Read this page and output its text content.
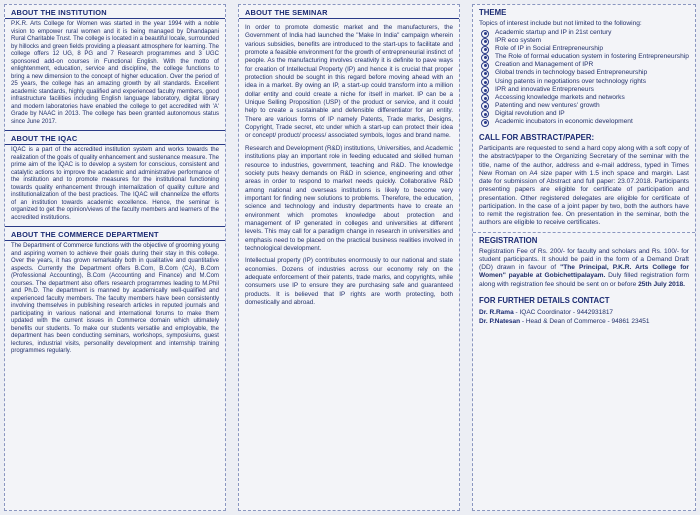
ABOUT THE INSTITUTION

P.K.R. Arts College for Women was started in the year 1994 with a noble vision to empower rural women and it is being managed by Dhandapani Rural Charitable Trust. The college is located in a beautiful locale, surrounded by hillocks and green fields providing a pleasant atmosphere for learning. The college offers 12 UG, 8 PG and 7 Research programmes and 3 UGC sponsored add-on courses in Functional English. With the motto of enlightenment, education, service and discipline, the college functions to bring a new dimension to the concept of higher education. Over the period of 25 years, the college has an amazing growth by all standards. Excellent academic standards, highly qualified and experienced faculty members, good infrastructure facilities including English language laboratory, digital library and modern laboratories have enabled the college to get accredited with 'A' Grade by NAAC in 2013. The college has been granted autonomous status since June 2017.

ABOUT THE IQAC

IQAC is a part of the accredited institution system and works towards the realization of the goals of quality enhancement and sustenance measure. The prime aim of the IQAC is to develop a system for conscious, consistent and catalytic actions to improve the academic and administrative performance of the institution and to promote measures for the institutional functioning towards quality enhancement through internalization of quality culture and institutionalization of the best practices. The IQAC will channelize the efforts of an institution towards academic excellence. Hence, the seminar is organized to get the opinion/views of the faculty members and learners of the accredited institutions.

ABOUT THE COMMERCE DEPARTMENT

The Department of Commerce functions with the objective of grooming young and aspiring women to achieve their goals during their stay in this college. Over the years, it has grown remarkably both in qualitative and quantitative aspects. Currently the Department offers B.Com, B.Com (CA), B.Com (Professional Accounting), B.Com (Accounting and Finance) and M.Com courses. The department also offers research programmes leading to M.Phil and Ph.D. The department is manned by academically well-qualified and experienced faculty members. The faculty members have been consistently involving themselves in publishing research articles in reputed journals and participating in various national and international forums to make them updated with the current issues in Commerce domain which ultimately benefits our students. To make our students versatile and employable, the department has been conducting seminars, workshops, symposiums, guest lectures, industrial visits, personality development and internship training programmes regularly.

ABOUT THE SEMINAR

In order to promote domestic market and the manufacturers, the Government of India had launched the "Make In India" campaign wherein various subsidies, benefits are introduced to the start-ups to facilitate and promote a feasible environment for the growth of entrepreneurial instinct of people. As the manufacturing involves creativity it is definite to pave ways for creation of Intellectual Property (IP) and hence it is crucial that proper protection should be sought in this regard before moving ahead with an idea in a market. By owing an IP, a start-up could transform into a million dollar entity and could create a niche for itself in market. IP can be a Unique Selling Proposition (USP) of the product or service, and it could help to create a sustainable and defensible differentiator for an entity. There are various forms of IP namely Patents, Trade marks, Designs, Copyright, Trade secret, etc under which a start-up can protect their idea or concept/ product/ process/ associated symbols, logos and brand name.

Research and Development (R&D) institutions, Universities, and Academic institutions play an important role in feeding educated and skilled human resource to industries, government, teaching and R&D. The knowledge society puts heavy demands on R&D in science, engineering and other areas in order to respond to market needs quickly. Collaborative R&D among national and overseas institutions is likely to become very important for finding new solutions to problems. Therefore, the education, science and technology and industry departments have to create an environment which promotes knowledge about protection and management of IP generated in colleges and universities at different levels. This may call for a paradigm change in research in universities and emphasis need to be placed on the practical business realities involved in technological development.

Intellectual property (IP) contributes enormously to our national and state economies. Dozens of industries across our economy rely on the adequate enforcement of their patents, trade marks, and copyrights, while consumers use IP to ensure they are purchasing safe and guaranteed products. It is believed that IP rights are worth protecting, both domestically and abroad.

THEME

Topics of interest include but not limited to the following:

Academic startup and IP in 21st century
IPR eco system
Role of IP in Social Entrepreneurship
The Role of formal education system in fostering Entrepreneurship
Creation and Management of IPR
Global trends in technology based Entrepreneurship
Using patents in negotiations over technology rights
IPR and innovative Entrepreneurs
Accessing knowledge markets and networks
Patenting and new ventures' growth
Digital revolution and IP
Academic incubators in economic development
CALL FOR ABSTRACT/PAPER:

Participants are requested to send a hard copy along with a soft copy of the abstract/paper to the Organizing Secretary of the seminar with the title, name of the author, address and e-mail address, typed in Times New Roman on A4 size paper with 1.5 inch space and margin. Last date for submission of Abstract and full paper: 23.07.2018. Participants presenting papers are eligible for certificate of participation and presentation. Other registered delegates are eligible for certificate of participation. In the case of a joint paper by two, both the authors have to remit the registration fee. On presentation in the seminar, both the authors are eligible to receive certificates.

REGISTRATION

Registration Fee of Rs. 200/- for faculty and scholars and Rs. 100/- for student participants. It should be paid in the form of a Demand Draft (DD) drawn in favour of "The Principal, P.K.R. Arts College for Women" payable at Gobichettipalayam. Duly filled registration form along with registration fee should be sent on or before 25th July 2018.

FOR FURTHER DETAILS CONTACT

Dr. R.Rama - IQAC Coordinator - 9442931817

Dr. P.Natesan - Head & Dean of Commerce - 94861 23451
